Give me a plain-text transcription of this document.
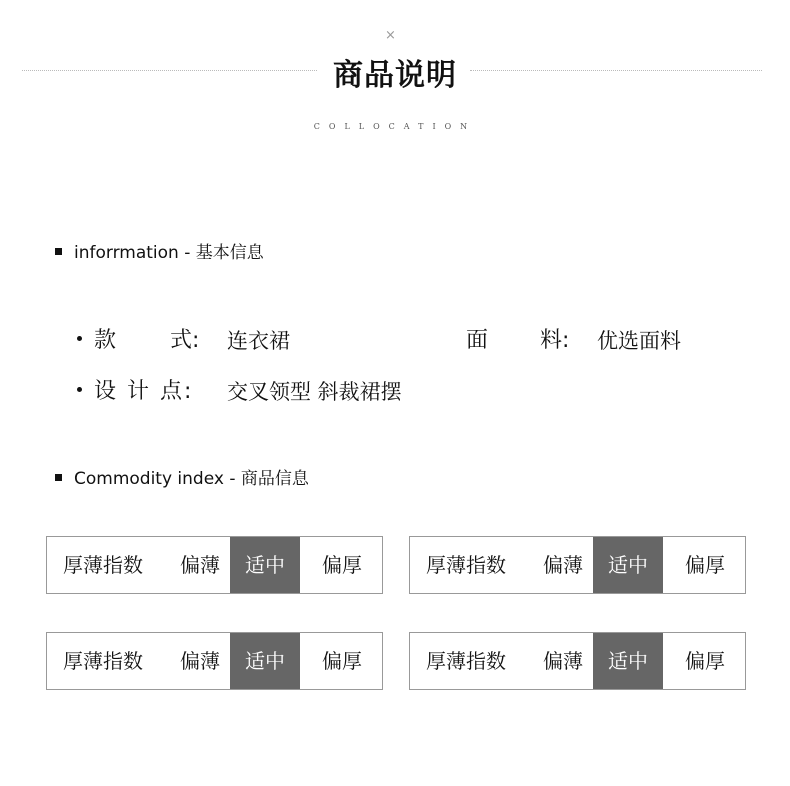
×
商品说明
COLLOCATION
inforrmation - 基本信息
款 式: 连衣裙	面 料: 优选面料
设 计 点: 交叉领型 斜裁裙摆
Commodity index - 商品信息
厚薄指数 偏薄	适中	偏厚	厚薄指数 偏薄	适中	偏厚
厚薄指数 偏薄	适中	偏厚	厚薄指数 偏薄	适中	偏厚
